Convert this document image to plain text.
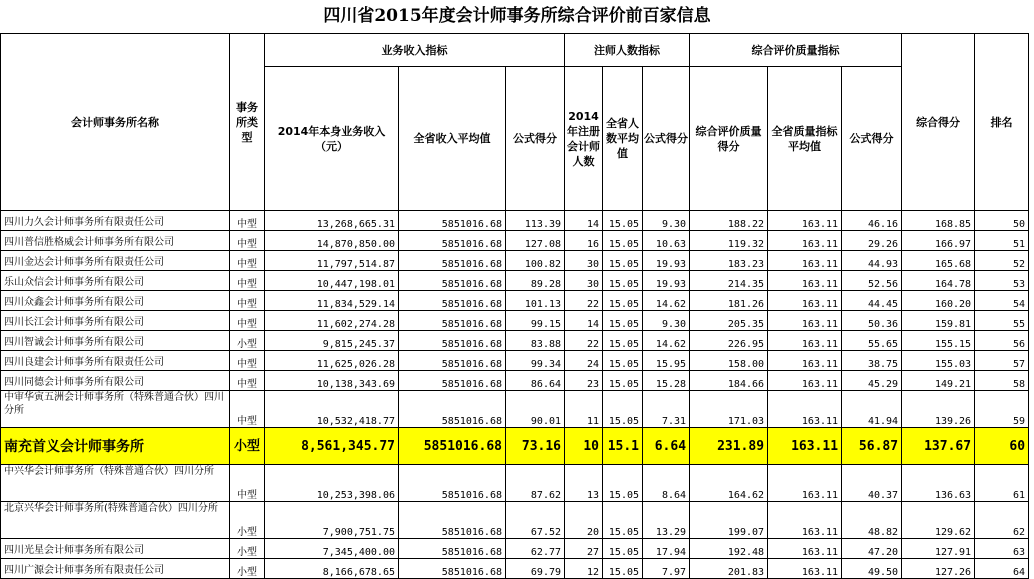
四川省2015年度会计师事务所综合评价前百家信息
会计师事务所名称	事务所类型	业务收入指标			注师人数指标			综合评价质量指标			综合得分	排名
		2014年本身业务收入（元）	全省收入平均值	公式得分	2014年注册会计师人数	全省人数平均值	公式得分	综合评价质量得分	全省质量指标平均值	公式得分		
四川力久会计师事务所有限责任公司	中型	13,268,665.31	5851016.68	113.39	14	15.05	9.30	188.22	163.11	46.16	168.85	50
四川普信胜格威会计师事务所有限公司	中型	14,870,850.00	5851016.68	127.08	16	15.05	10.63	119.32	163.11	29.26	166.97	51
四川金达会计师事务所有限责任公司	中型	11,797,514.87	5851016.68	100.82	30	15.05	19.93	183.23	163.11	44.93	165.68	52
乐山众信会计师事务所有限公司	中型	10,447,198.01	5851016.68	89.28	30	15.05	19.93	214.35	163.11	52.56	164.78	53
四川众鑫会计师事务所有限公司	中型	11,834,529.14	5851016.68	101.13	22	15.05	14.62	181.26	163.11	44.45	160.20	54
四川长江会计师事务所有限公司	中型	11,602,274.28	5851016.68	99.15	14	15.05	9.30	205.35	163.11	50.36	159.81	55
四川智诚会计师事务所有限公司	小型	9,815,245.37	5851016.68	83.88	22	15.05	14.62	226.95	163.11	55.65	155.15	56
四川良建会计师事务所有限责任公司	中型	11,625,026.28	5851016.68	99.34	24	15.05	15.95	158.00	163.11	38.75	155.03	57
四川同德会计师事务所有限公司	中型	10,138,343.69	5851016.68	86.64	23	15.05	15.28	184.66	163.11	45.29	149.21	58
中审华寅五洲会计师事务所（特殊普通合伙）四川分所	中型	10,532,418.77	5851016.68	90.01	11	15.05	7.31	171.03	163.11	41.94	139.26	59
南充首义会计师事务所	小型	8,561,345.77	5851016.68	73.16	10	15.1	6.64	231.89	163.11	56.87	137.67	60
中兴华会计师事务所（特殊普通合伙）四川分所	中型	10,253,398.06	5851016.68	87.62	13	15.05	8.64	164.62	163.11	40.37	136.63	61
北京兴华会计师事务所(特殊普通合伙）四川分所	小型	7,900,751.75	5851016.68	67.52	20	15.05	13.29	199.07	163.11	48.82	129.62	62
四川光星会计师事务所有限公司	小型	7,345,400.00	5851016.68	62.77	27	15.05	17.94	192.48	163.11	47.20	127.91	63
四川广源会计师事务所有限责任公司	小型	8,166,678.65	5851016.68	69.79	12	15.05	7.97	201.83	163.11	49.50	127.26	64
